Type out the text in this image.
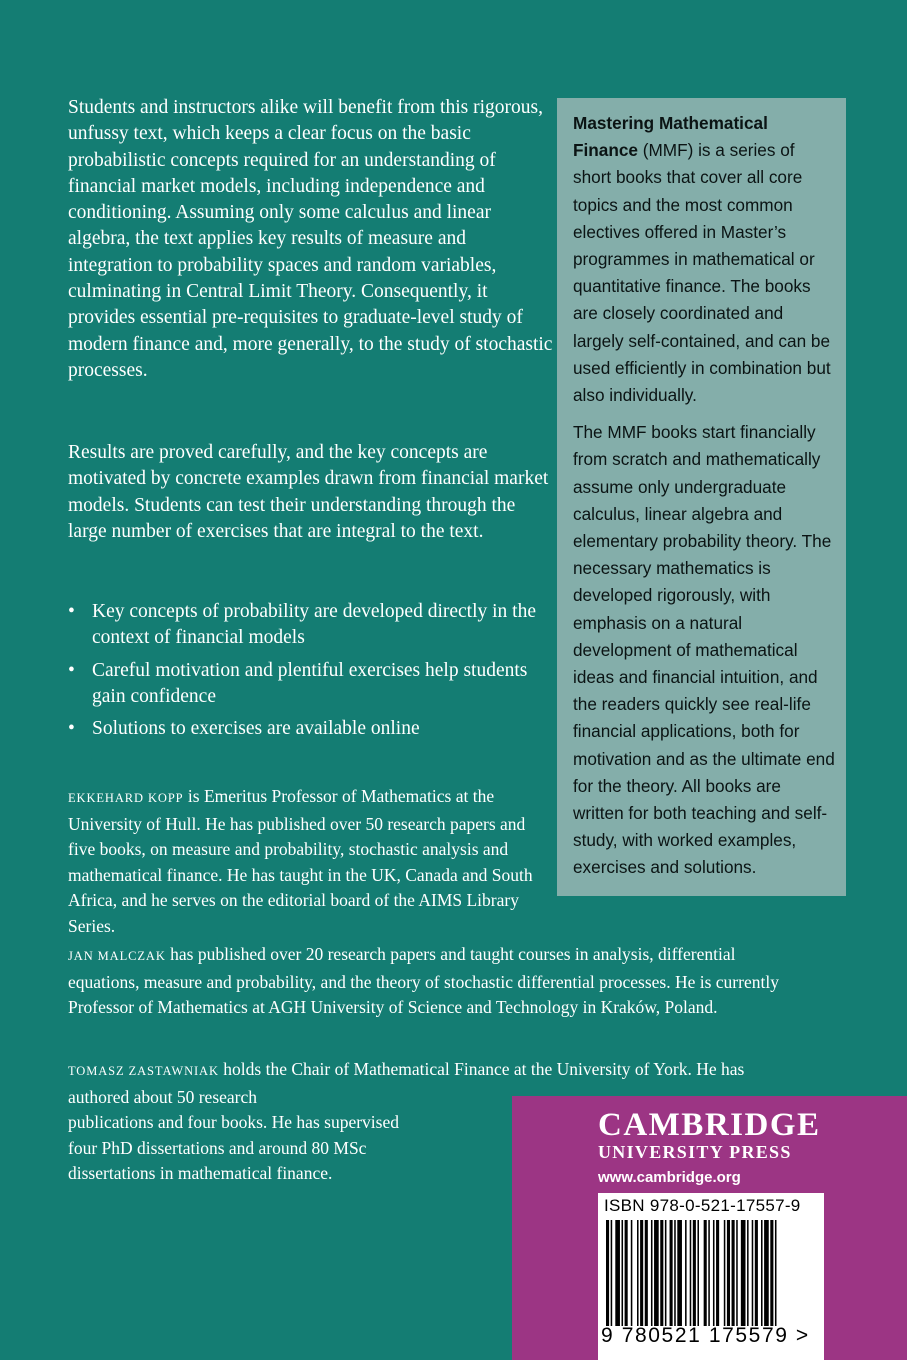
Students and instructors alike will benefit from this rigorous, unfussy text, which keeps a clear focus on the basic probabilistic concepts required for an understanding of financial market models, including independence and conditioning. Assuming only some calculus and linear algebra, the text applies key results of measure and integration to probability spaces and random variables, culminating in Central Limit Theory. Consequently, it provides essential pre-requisites to graduate-level study of modern finance and, more generally, to the study of stochastic processes.

Results are proved carefully, and the key concepts are motivated by concrete examples drawn from financial market models. Students can test their understanding through the large number of exercises that are integral to the text.

• Key concepts of probability are developed directly in the context of financial models
• Careful motivation and plentiful exercises help students gain confidence
• Solutions to exercises are available online

EKKEHARD KOPP is Emeritus Professor of Mathematics at the University of Hull. He has published over 50 research papers and five books, on measure and probability, stochastic analysis and mathematical finance. He has taught in the UK, Canada and South Africa, and he serves on the editorial board of the AIMS Library Series.

JAN MALCZAK has published over 20 research papers and taught courses in analysis, differential equations, measure and probability, and the theory of stochastic differential processes. He is currently Professor of Mathematics at AGH University of Science and Technology in Kraków, Poland.

TOMASZ ZASTAWNIAK holds the Chair of Mathematical Finance at the University of York. He has authored about 50 research
publications and four books. He has supervised
four PhD dissertations and around 80 MSc
dissertations in mathematical finance.

Mastering Mathematical Finance (MMF) is a series of short books that cover all core topics and the most common electives offered in Master’s programmes in mathematical or quantitative finance. The books are closely coordinated and largely self-contained, and can be used efficiently in combination but also individually.

The MMF books start financially from scratch and mathematically assume only undergraduate calculus, linear algebra and elementary probability theory. The necessary mathematics is developed rigorously, with emphasis on a natural development of mathematical ideas and financial intuition, and the readers quickly see real-life financial applications, both for motivation and as the ultimate end for the theory. All books are written for both teaching and self-study, with worked examples, exercises and solutions.

CAMBRIDGE

UNIVERSITY PRESS

www.cambridge.org

ISBN 978-0-521-17557-9

9 780521 175579 >
